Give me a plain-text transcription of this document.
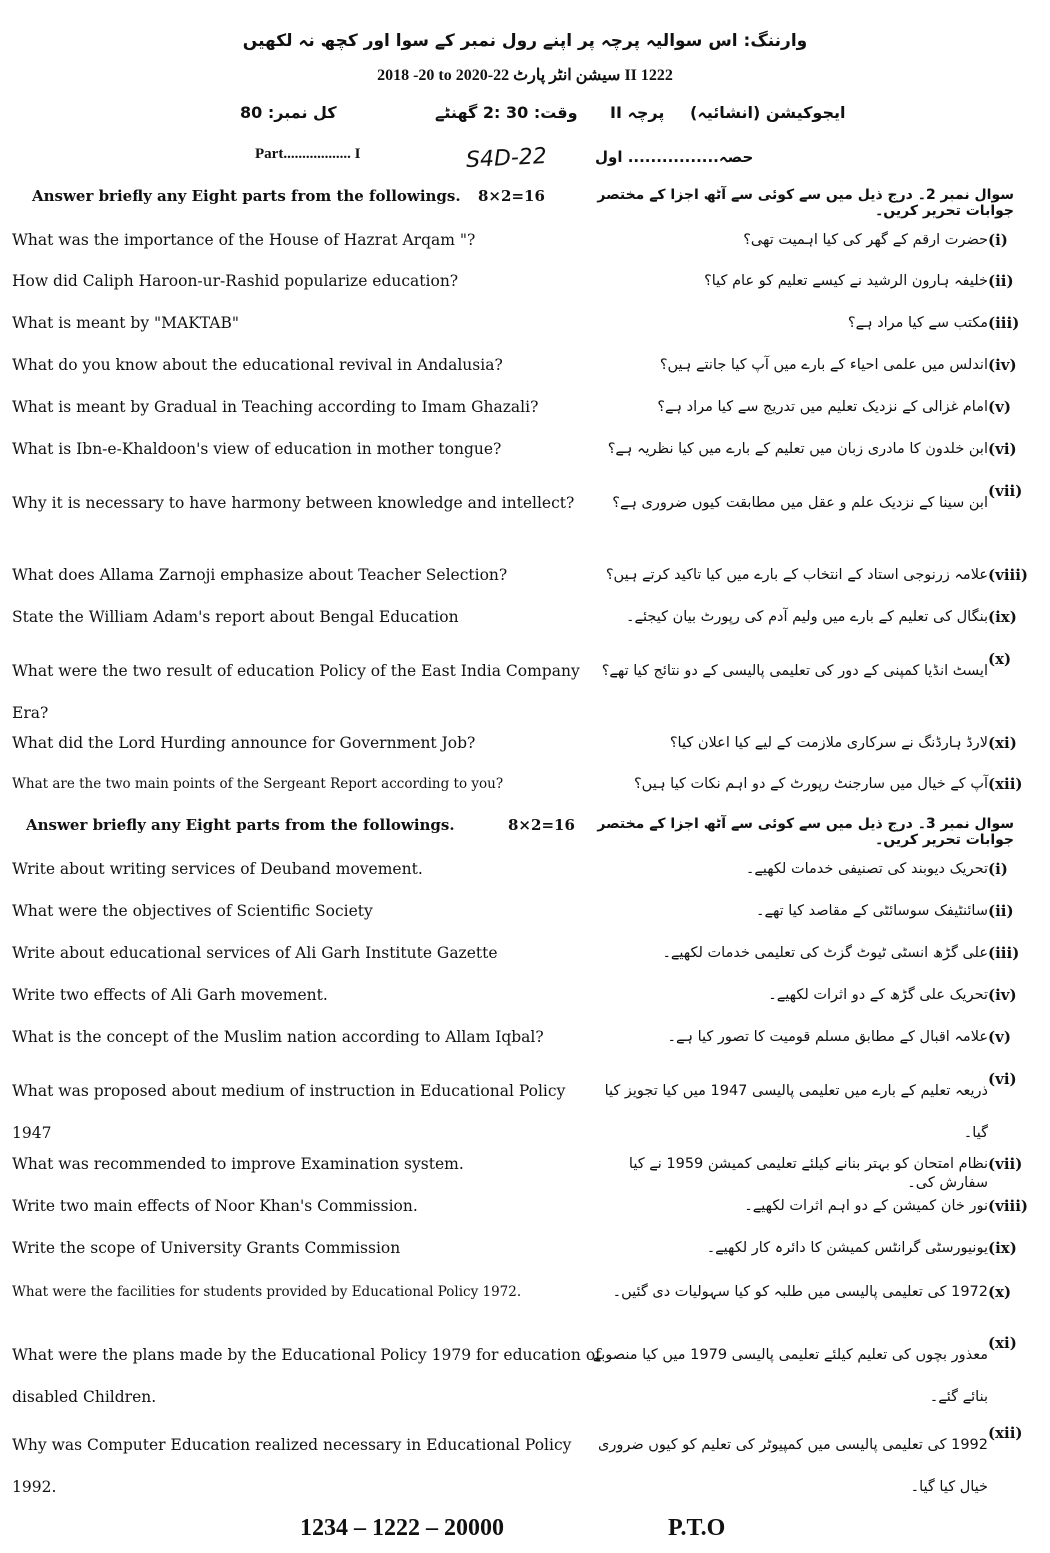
وارننگ: اس سوالیہ پرچہ پر اپنے رول نمبر کے سوا اور کچھ نہ لکھیں
2018 -20 to 2020-22 سیشن انٹر پارٹ II 1222
کل نمبر: 80	وقت: 30 :2 گھنٹے پرچہ II ایجوکیشن (انشائیہ)
Part.................. I	S4D-22	حصہ................ اول
Answer briefly any Eight parts from the followings. 8×2=16	سوال نمبر 2۔ درج ذیل میں سے کوئی سے آٹھ اجزا کے مختصر جوابات تحریر کریں۔
(i)
What was the importance of the House of Hazrat Arqam "?	حضرت ارقم کے گھر کی کیا اہمیت تھی؟
(ii)
How did Caliph Haroon-ur-Rashid popularize education?	خلیفہ ہارون الرشید نے کیسے تعلیم کو عام کیا؟
(iii)
What is meant by "MAKTAB"	مکتب سے کیا مراد ہے؟
(iv)
What do you know about the educational revival in Andalusia?	اندلس میں علمی احیاء کے بارے میں آپ کیا جانتے ہیں؟
(v)
What is meant by Gradual in Teaching according to Imam Ghazali?	امام غزالی کے نزدیک تعلیم میں تدریج سے کیا مراد ہے؟
(vi)
What is Ibn-e-Khaldoon's view of education in mother tongue?	ابن خلدون کا مادری زبان میں تعلیم کے بارے میں کیا نظریہ ہے؟
(vii)
Why it is necessary to have harmony between knowledge and intellect?	ابن سینا کے نزدیک علم و عقل میں مطابقت کیوں ضروری ہے؟
(viii)
What does Allama Zarnoji emphasize about Teacher Selection?	علامہ زرنوجی استاد کے انتخاب کے بارے میں کیا تاکید کرتے ہیں؟
(ix)
State the William Adam's report about Bengal Education	بنگال کی تعلیم کے بارے میں ولیم آدم کی رپورٹ بیان کیجئے۔
(x)
What were the two result of education Policy of the East India Company Era?
ایسٹ انڈیا کمپنی کے دور کی تعلیمی پالیسی کے دو نتائج کیا تھے؟
(xi)
What did the Lord Hurding announce for Government Job?	لارڈ ہارڈنگ نے سرکاری ملازمت کے لیے کیا اعلان کیا؟
(xii)
What are the two main points of the Sergeant Report according to you?	آپ کے خیال میں سارجنٹ رپورٹ کے دو اہم نکات کیا ہیں؟
Answer briefly any Eight parts from the followings.	8×2=16	سوال نمبر 3۔ درج ذیل میں سے کوئی سے آٹھ اجزا کے مختصر جوابات تحریر کریں۔
(i)
Write about writing services of Deuband movement.	تحریک دیوبند کی تصنیفی خدمات لکھیے۔
(ii)
What were the objectives of Scientific Society	سائنٹیفک سوسائٹی کے مقاصد کیا تھے۔
(iii)
Write about educational services of Ali Garh Institute Gazette	علی گڑھ انسٹی ٹیوٹ گزٹ کی تعلیمی خدمات لکھیے۔
(iv)
Write two effects of Ali Garh movement.	تحریک علی گڑھ کے دو اثرات لکھیے۔
(v)
What is the concept of the Muslim nation according to Allam Iqbal?	علامہ اقبال کے مطابق مسلم قومیت کا تصور کیا ہے۔
(vi)
What was proposed about medium of instruction in Educational Policy 1947
ذریعہ تعلیم کے بارے میں تعلیمی پالیسی 1947 میں کیا تجویز کیا گیا۔
(vii)
What was recommended to improve Examination system.	نظام امتحان کو بہتر بنانے کیلئے تعلیمی کمیشن 1959 نے کیا سفارش کی۔
(viii)
Write two main effects of Noor Khan's Commission.	نور خان کمیشن کے دو اہم اثرات لکھیے۔
(ix)
Write the scope of University Grants Commission	یونیورسٹی گرانٹس کمیشن کا دائرہ کار لکھیے۔
(x)
What were the facilities for students provided by Educational Policy 1972.	1972 کی تعلیمی پالیسی میں طلبہ کو کیا سہولیات دی گئیں۔
(xi)
What were the plans made by the Educational Policy 1979 for education of disabled Children.
معذور بچوں کی تعلیم کیلئے تعلیمی پالیسی 1979 میں کیا منصوبے بنائے گئے۔
(xii)
Why was Computer Education realized necessary in Educational Policy 1992.
1992 کی تعلیمی پالیسی میں کمپیوٹر کی تعلیم کو کیوں ضروری خیال کیا گیا۔
1234 – 1222 – 20000	P.T.O
